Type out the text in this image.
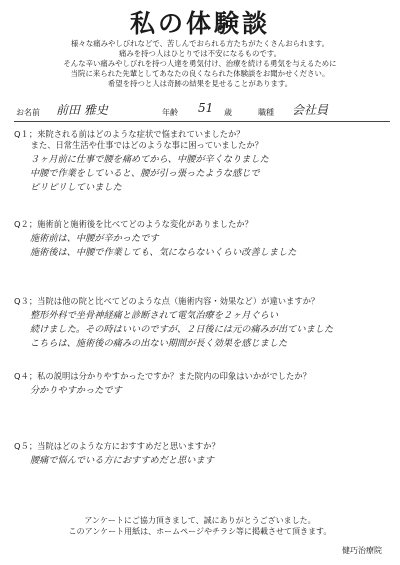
私の体験談
様々な痛みやしびれなどで、苦しんでおられる方たちがたくさんおられます。
痛みを持つ人はひとりでは不安になるものです。
そんな辛い痛みやしびれを持つ人達を勇気付け、治療を続ける勇気を与えるために
当院に来られた先輩としてあなたの良くなられた体験談をお聞かせください。
希望を持つと人は奇跡の結果を見せることがあります。
お名前 前田 雅史	年齢 51 歳	職種 会社員
Q１；来院される前はどのような症状で悩まれていましたか？
　　また、日常生活や仕事ではどのような事に困っていましたか？
３ヶ月前に仕事で腰を痛めてから、中腰が辛くなりました
中腰で作業をしていると、腰が引っ張ったような感じで
ピリピリしていました
Q２；施術前と施術後を比べてどのような変化がありましたか？
施術前は、中腰が辛かったです
施術後は、中腰で作業しても、気にならないくらい改善しました
Q３；当院は他の院と比べてどのような点（施術内容・効果など）が違いますか？
整形外科で坐骨神経痛と診断されて電気治療を２ヶ月ぐらい
続けました。その時はいいのですが、２日後には元の痛みが出ていました
こちらは、施術後の痛みの出ない期間が長く効果を感じました
Q４；私の説明は分かりやすかったですか？また院内の印象はいかがでしたか？
分かりやすかったです
Q５；当院はどのような方におすすめだと思いますか？
腰痛で悩んでいる方におすすめだと思います
アンケートにご協力頂きまして、誠にありがとうございました。
このアンケート用紙は、ホームページやチラシ等に掲載させて頂きます。
健巧治療院
